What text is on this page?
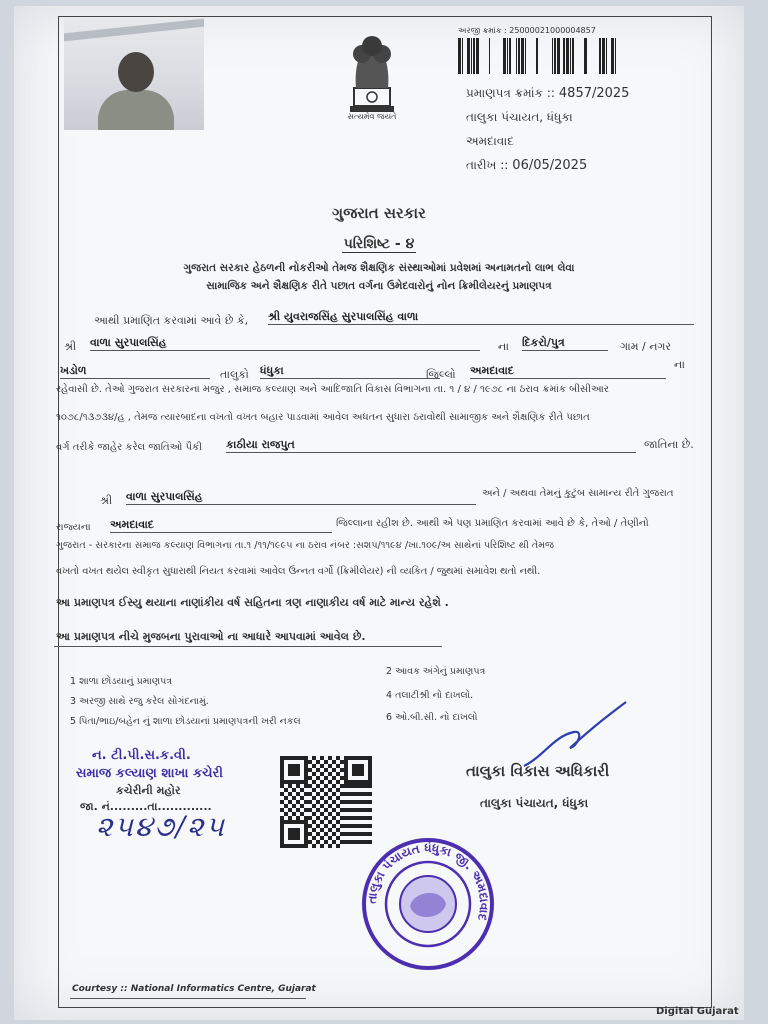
સત્યમેવ જયતે
અરજી ક્રમાંક : 25000021000004857
પ્રમાણપત્ર ક્રમાંક :: 4857/2025
તાલુકા પંચાયત, ધંધુકા
અમદાવાદ
તારીખ :: 06/05/2025
ગુજરાત સરકાર
પરિશિષ્ટ - ૪
ગુજરાત સરકાર હેઠળની નોકરીઓ તેમજ શૈક્ષણિક સંસ્થાઓમાં પ્રવેશમાં અનામતનો લાભ લેવા
સામાજિક અને શૈક્ષણિક રીતે પછાત વર્ગના ઉમેદવારોનું નોન ક્રિમીલેયરનું પ્રમાણપત્ર
આથી પ્રમાણિત કરવામાં આવે છે કે, શ્રી યુવરાજસિંહ સુરપાલસિંહ વાળા
શ્રી વાળા સુરપાલસિંહ	ના દિકરો/પુત્ર	ગામ / નગર
ખડોળ	તાલુકો ધંધુકા	જિલ્લો અમદાવાદ	ના
રહેવાસી છે. તેઓ ગુજરાત સરકારના મજુર , સમાજ કલ્યાણ અને આદિજાતિ વિકાસ વિભાગના તા. ૧ / ૪ / ૧૯૭૮ ના ઠરાવ ક્રમાંક બીસીઆર
૧૦૭૮/૧૩૭૩૪/હ , તેમજ ત્યારબાદના વખતો વખત બહાર પાડવામાં આવેલ અધતન સુધારા ઠરાવોથી સામાજીક અને શૈક્ષણિક રીતે પછાત
વર્ગ તરીકે જાહેર કરેલ જાતિઓ પૈકી કાઠીયા રાજપુત	જાતિના છે.
શ્રી વાળા સુરપાલસિંહ	અને / અથવા તેમનું કુટુંબ સામાન્ય રીતે ગુજરાત
રાજ્યના અમદાવાદ	જિલ્લાના રહીશ છે. આથી એ પણ પ્રમાણિત કરવામાં આવે છે કે, તેઓ / તેણીનો
ગુજરાત - સરકારના સમાજ કલ્યાણ વિભાગના તા.૧ /૧૧/૧૯૯૫ ના ઠરાવ નંબર :સશપ/૧૧૯૪ /ખા.૧૦૯/અ સાથેનાં પરિશિષ્ટ થી તેમજ
વખતો વખત થયેલ સ્વીકૃત સુધારાથી નિયત કરવામાં આવેલ ઉન્નત વર્ગો (ક્રિમીલેયર) ની વ્યકિત / જુથમાં સમાવેશ થતો નથી.
આ પ્રમાણપત્ર ઈસ્યુ થયાના નાણાંકીય વર્ષ સહિતના ત્રણ નાણાકીય વર્ષ માટે માન્ય રહેશે .
આ પ્રમાણપત્ર નીચે મુજબના પુરાવાઓ ના આધારે આપવામાં આવેલ છે.
1 શાળા છોડયાનું પ્રમાણપત્ર
2 આવક અંગેનું પ્રમાણપત્ર
3 અરજી સાથે રજુ કરેલ સોગંદનામું.
4 તલાટીશ્રી નો દાખલો.
5 પિતા/ભાઇ/બહેન નું શાળા છોડયાનાં પ્રમાણપત્રની ખરી નકલ	6 ઓ.બી.સી. નો દાખલો
ન. ટી.પી.સ.ક.વી.
સમાજ કલ્યાણ શાખા કચેરી
કચેરીની મહોર
જા. નં.........તા.............
૨૫૪૭/૨૫
તાલુકા વિકાસ અધિકારી
તાલુકા પંચાયત, ધંધુકા
તાલુકા પંચાયત ધંધુકા જી. અમદાવાદ
Courtesy :: National Informatics Centre, Gujarat
Digital Gujarat
